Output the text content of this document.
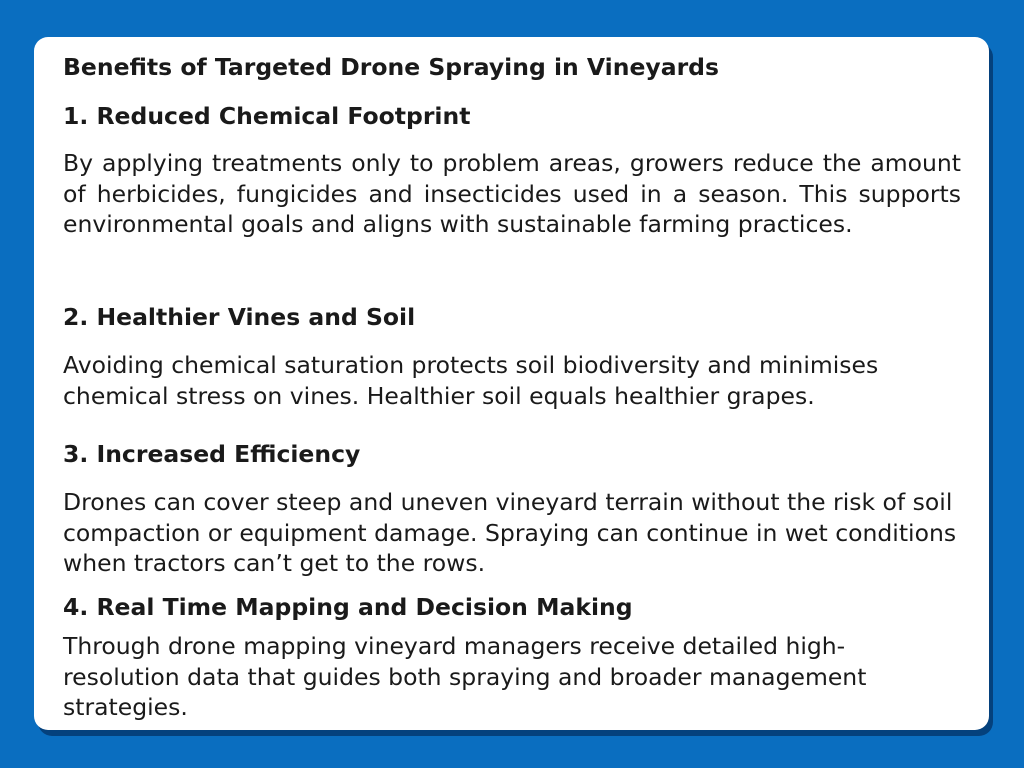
Benefits of Targeted Drone Spraying in Vineyards
1. Reduced Chemical Footprint

By applying treatments only to problem areas, growers reduce the amount of herbicides, fungicides and insecticides used in a season. This supports environmental goals and aligns with sustainable farming practices.

2. Healthier Vines and Soil

Avoiding chemical saturation protects soil biodiversity and minimises chemical stress on vines. Healthier soil equals healthier grapes.

3. Increased Efficiency

Drones can cover steep and uneven vineyard terrain without the risk of soil compaction or equipment damage. Spraying can continue in wet conditions when tractors can’t get to the rows.

4. Real Time Mapping and Decision Making

Through drone mapping vineyard managers receive detailed high-resolution data that guides both spraying and broader management strategies.
